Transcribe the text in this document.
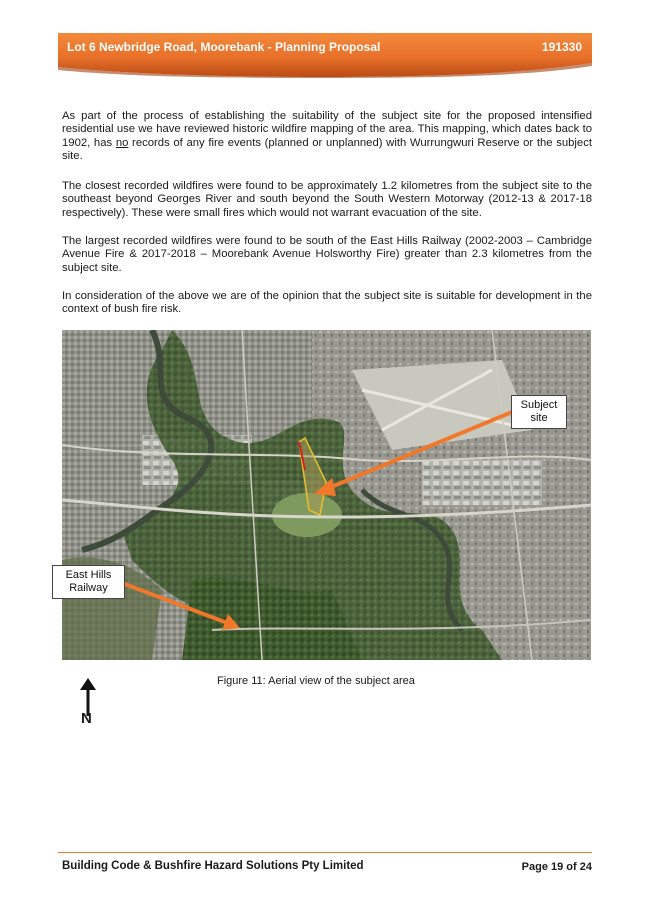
Lot 6 Newbridge Road, Moorebank - Planning Proposal	191330

As part of the process of establishing the suitability of the subject site for the proposed intensified residential use we have reviewed historic wildfire mapping of the area. This mapping, which dates back to 1902, has no records of any fire events (planned or unplanned) with Wurrungwuri Reserve or the subject site.

The closest recorded wildfires were found to be approximately 1.2 kilometres from the subject site to the southeast beyond Georges River and south beyond the South Western Motorway (2012-13 & 2017-18 respectively). These were small fires which would not warrant evacuation of the site.

The largest recorded wildfires were found to be south of the East Hills Railway (2002-2003 – Cambridge Avenue Fire & 2017-2018 – Moorebank Avenue Holsworthy Fire) greater than 2.3 kilometres from the subject site.

In consideration of the above we are of the opinion that the subject site is suitable for development in the context of bush fire risk.

Subject
site
East Hills
Railway
N
Figure 11: Aerial view of the subject area
Building Code & Bushfire Hazard Solutions Pty Limited	Page 19 of 24
